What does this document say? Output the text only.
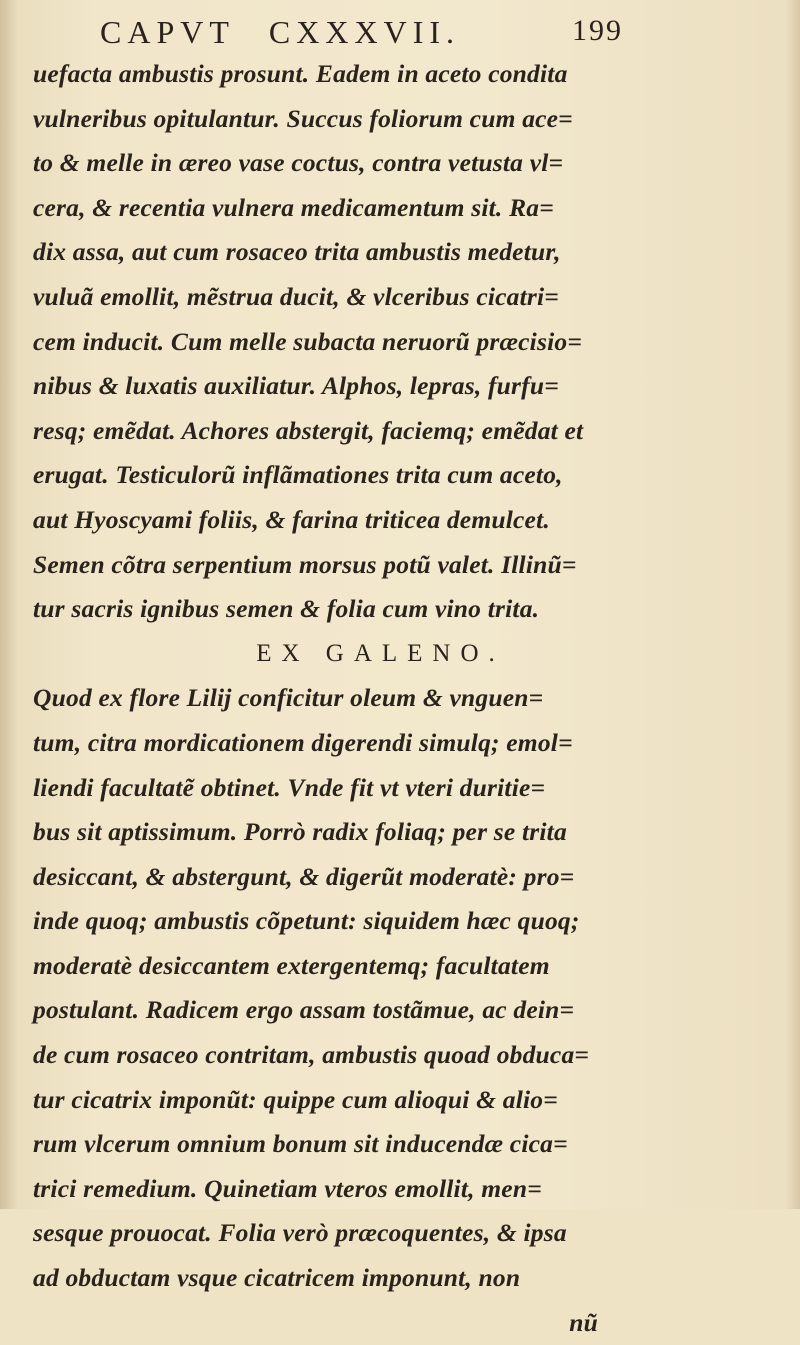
CAPVT CXXXVII.	199
uefacta ambustis prosunt. Eadem in aceto condita
vulneribus opitulantur. Succus foliorum cum ace=
to & melle in æreo vase coctus, contra vetusta vl=
cera, & recentia vulnera medicamentum sit. Ra=
dix assa, aut cum rosaceo trita ambustis medetur,
vuluã emollit, mẽstrua ducit, & vlceribus cicatri=
cem inducit. Cum melle subacta neruorũ præcisio=
nibus & luxatis auxiliatur. Alphos, lepras, furfu=
resq; emẽdat. Achores abstergit, faciemq; emẽdat et
erugat. Testiculorũ inflãmationes trita cum aceto,
aut Hyoscyami foliis, & farina triticea demulcet.
Semen cõtra serpentium morsus potũ valet. Illinũ=
tur sacris ignibus semen & folia cum vino trita.
EX GALENO.
Quod ex flore Lilij conficitur oleum & vnguen=
tum, citra mordicationem digerendi simulq; emol=
liendi facultatẽ obtinet. Vnde fit vt vteri duritie=
bus sit aptissimum. Porrò radix foliaq; per se trita
desiccant, & abstergunt, & digerũt moderatè: pro=
inde quoq; ambustis cõpetunt: siquidem hæc quoq;
moderatè desiccantem extergentemq; facultatem
postulant. Radicem ergo assam tostãmue, ac dein=
de cum rosaceo contritam, ambustis quoad obduca=
tur cicatrix imponũt: quippe cum alioqui & alio=
rum vlcerum omnium bonum sit inducendæ cica=
trici remedium. Quinetiam vteros emollit, men=
sesque prouocat. Folia verò præcoquentes, & ipsa
ad obductam vsque cicatricem imponunt, non
nũ
